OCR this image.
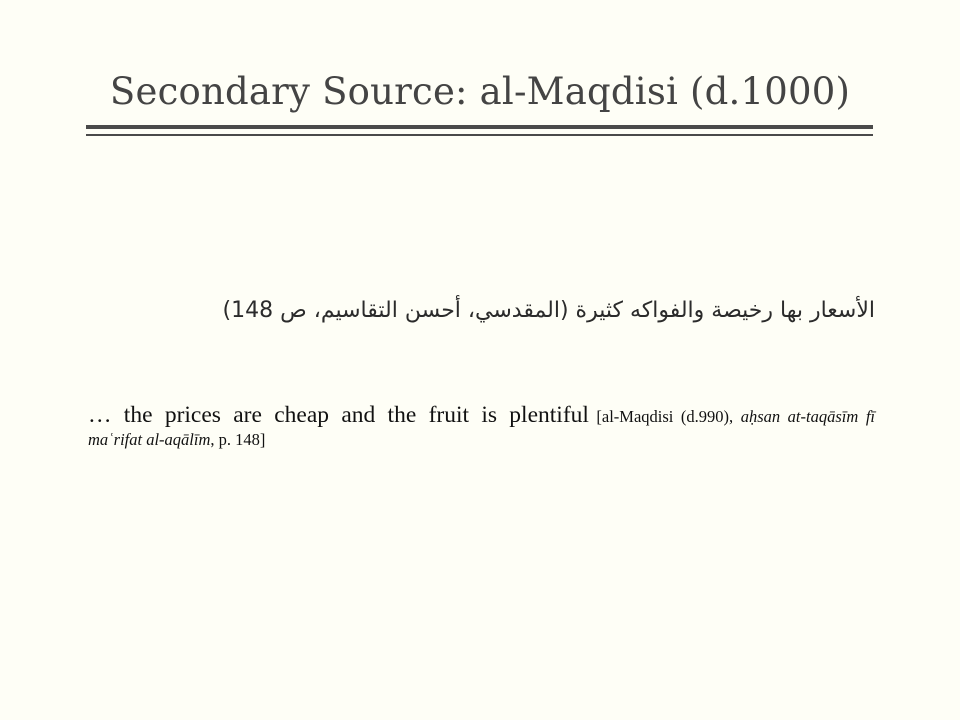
Secondary Source: al-Maqdisi (d.1000)
الأسعار بها رخيصة والفواكه كثيرة (المقدسي، أحسن التقاسيم، ص 148)
… the prices are cheap and the fruit is plentiful [al-Maqdisi (d.990), aḥsan at-taqāsīm fī maʿrifat al-aqālīm, p. 148]
